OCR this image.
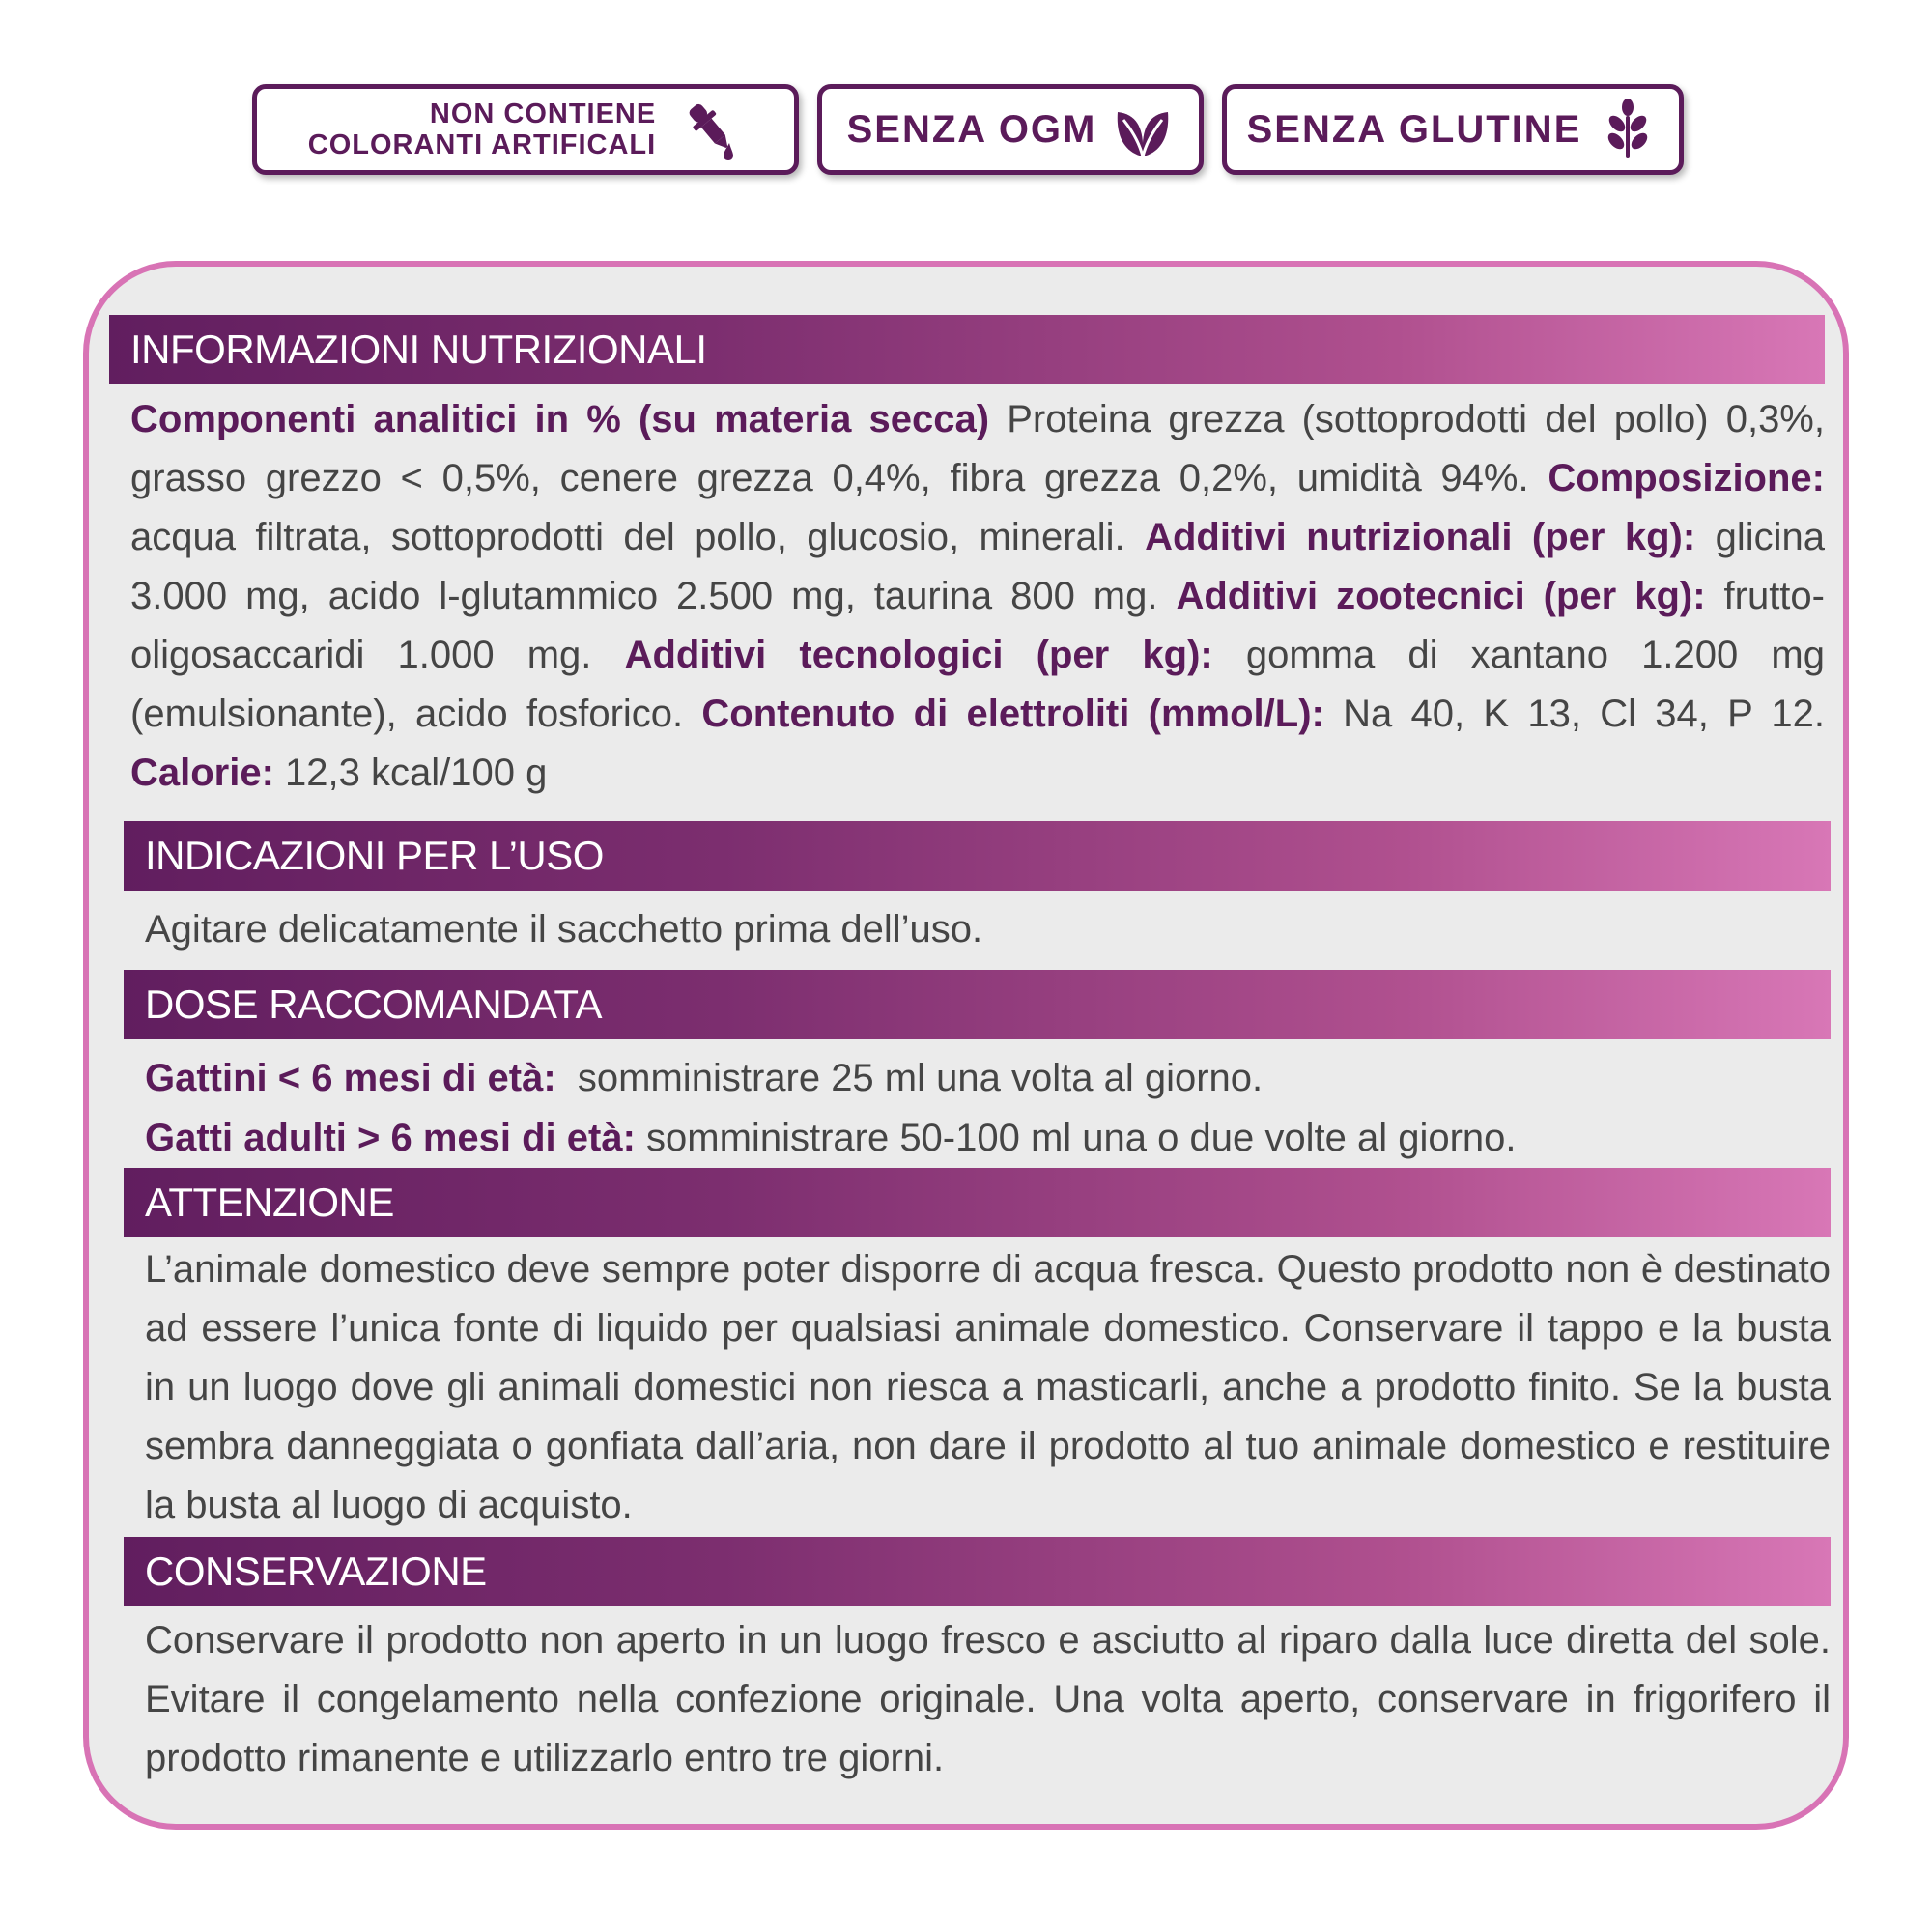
NON CONTIENE
COLORANTI ARTIFICALI	SENZA OGM	SENZA GLUTINE
INFORMAZIONI NUTRIZIONALI
Componenti analitici in % (su materia secca) Proteina grezza (sottoprodotti del pollo) 0,3%, grasso grezzo < 0,5%, cenere grezza 0,4%, fibra grezza 0,2%, umidità 94%. Composizione: acqua filtrata, sottoprodotti del pollo, glucosio, minerali. Additivi nutrizionali (per kg): glicina 3.000 mg, acido l-glutammico 2.500 mg, taurina 800 mg. Additivi zootecnici (per kg): frutto-oligosaccaridi 1.000 mg. Additivi tecnologici (per kg): gomma di xantano 1.200 mg (emulsionante), acido fosforico. Contenuto di elettroliti (mmol/L): Na 40, K 13, Cl 34, P 12. Calorie: 12,3 kcal/100 g
INDICAZIONI PER L’USO
Agitare delicatamente il sacchetto prima dell’uso.
DOSE RACCOMANDATA
Gattini < 6 mesi di età: somministrare 25 ml una volta al giorno.
Gatti adulti > 6 mesi di età: somministrare 50-100 ml una o due volte al giorno.
ATTENZIONE
L’animale domestico deve sempre poter disporre di acqua fresca. Questo prodotto non è destinato ad essere l’unica fonte di liquido per qualsiasi animale domestico. Conservare il tappo e la busta in un luogo dove gli animali domestici non riesca a masticarli, anche a prodotto finito. Se la busta sembra danneggiata o gonfiata dall’aria, non dare il prodotto al tuo animale domestico e restituire la busta al luogo di acquisto.
CONSERVAZIONE
Conservare il prodotto non aperto in un luogo fresco e asciutto al riparo dalla luce diretta del sole. Evitare il congelamento nella confezione originale. Una volta aperto, conservare in frigorifero il prodotto rimanente e utilizzarlo entro tre giorni.
